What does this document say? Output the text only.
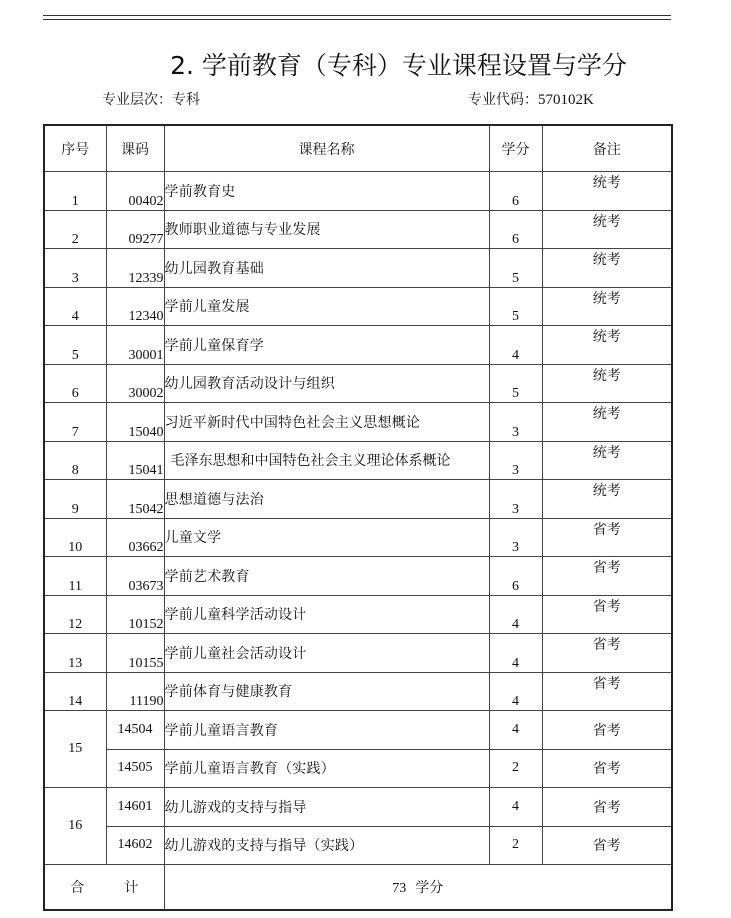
2. 学前教育（专科）专业课程设置与学分
专业层次：专科	专业代码：570102K
序号	课码	课程名称	学分	备注
1	00402	学前教育史	6	统考
2	09277	教师职业道德与专业发展	6	统考
3	12339	幼儿园教育基础	5	统考
4	12340	学前儿童发展	5	统考
5	30001	学前儿童保育学	4	统考
6	30002	幼儿园教育活动设计与组织	5	统考
7	15040	习近平新时代中国特色社会主义思想概论	3	统考
8	15041	毛泽东思想和中国特色社会主义理论体系概论	3	统考
9	15042	思想道德与法治	3	统考
10	03662	儿童文学	3	省考
11	03673	学前艺术教育	6	省考
12	10152	学前儿童科学活动设计	4	省考
13	10155	学前儿童社会活动设计	4	省考
14	11190	学前体育与健康教育	4	省考
15	14504	学前儿童语言教育	4	省考
	14505	学前儿童语言教育（实践）	2	省考
16	14601	幼儿游戏的支持与指导	4	省考
	14602	幼儿游戏的支持与指导（实践）	2	省考
合 计		73 学分		
